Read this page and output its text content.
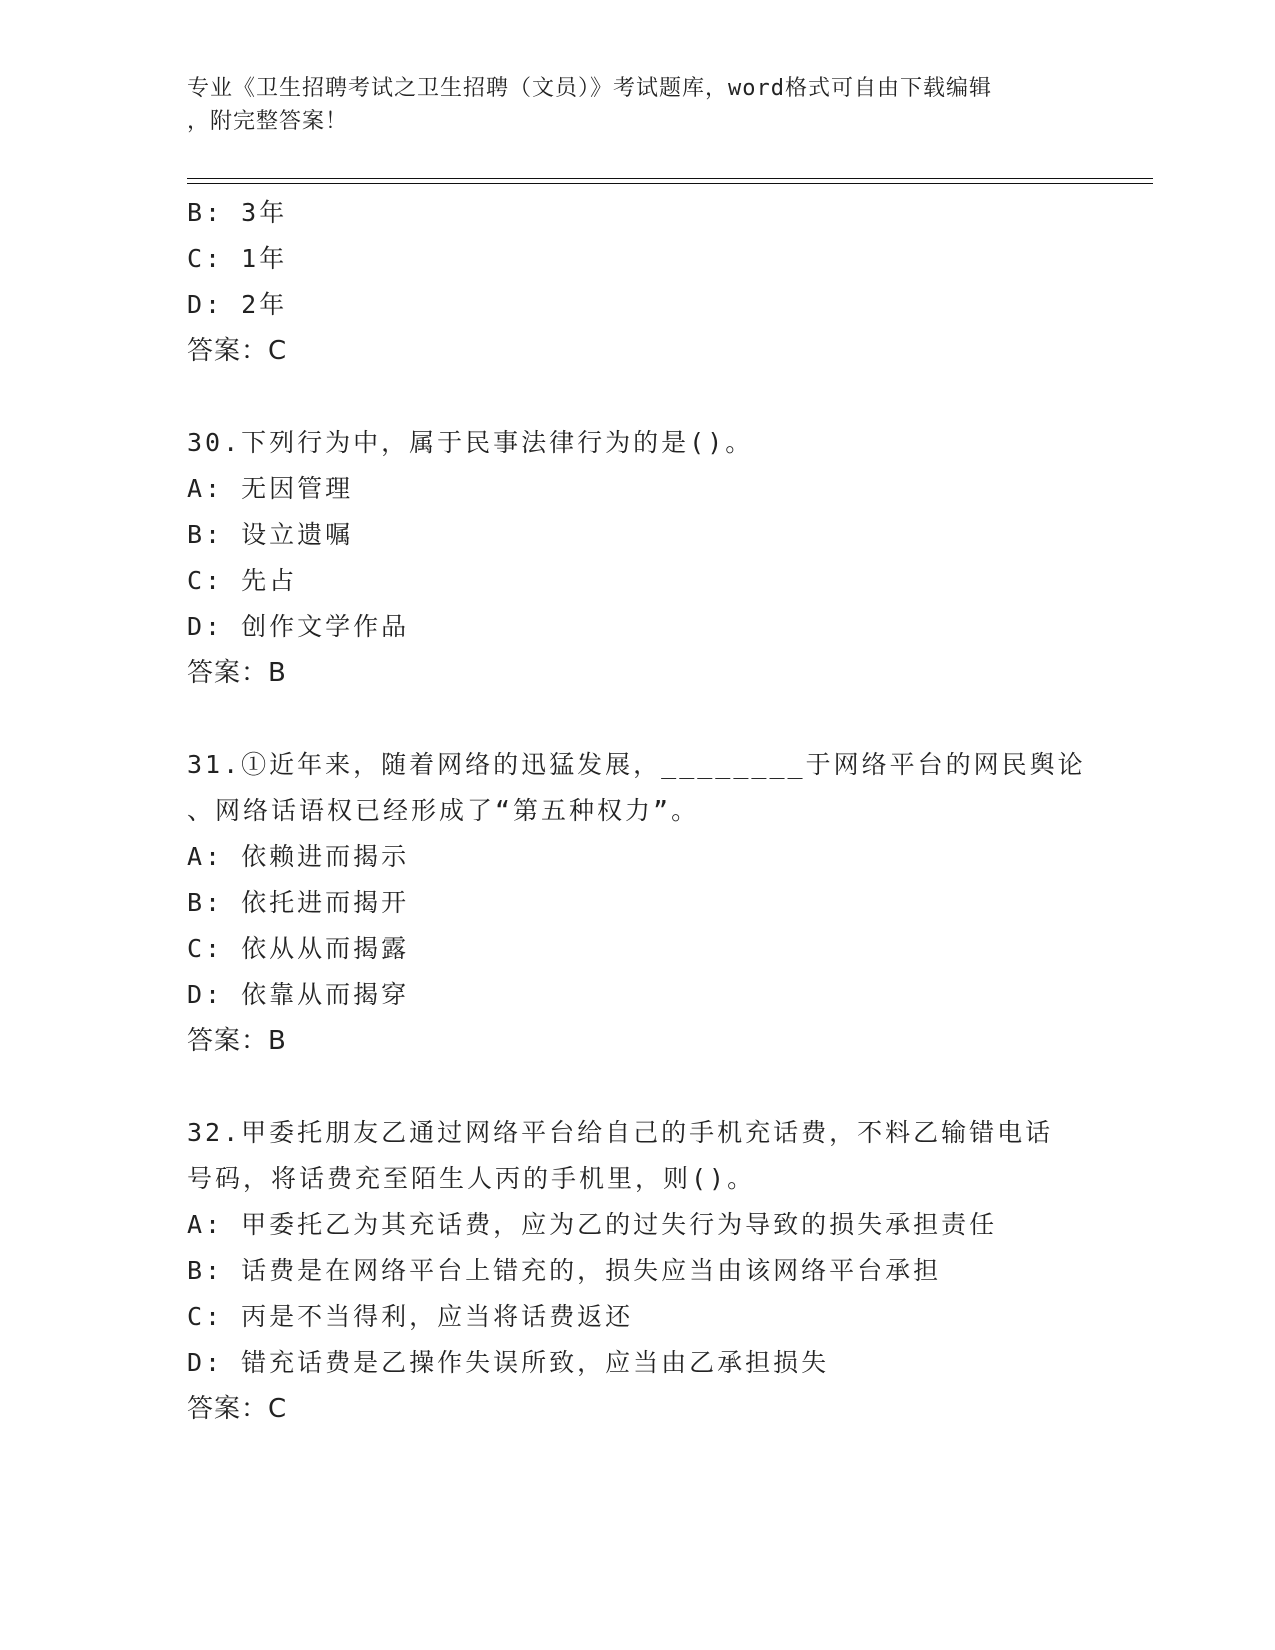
专业《卫生招聘考试之卫生招聘（文员）》考试题库，word格式可自由下载编辑
，附完整答案！
B: 3年
C: 1年
D: 2年
答案：C
30.下列行为中，属于民事法律行为的是()。
A: 无因管理
B: 设立遗嘱
C: 先占
D: 创作文学作品
答案：B
31.①近年来，随着网络的迅猛发展，________于网络平台的网民舆论
、网络话语权已经形成了“第五种权力”。
A: 依赖进而揭示
B: 依托进而揭开
C: 依从从而揭露
D: 依靠从而揭穿
答案：B
32.甲委托朋友乙通过网络平台给自己的手机充话费，不料乙输错电话
号码，将话费充至陌生人丙的手机里，则()。
A: 甲委托乙为其充话费，应为乙的过失行为导致的损失承担责任
B: 话费是在网络平台上错充的，损失应当由该网络平台承担
C: 丙是不当得利，应当将话费返还
D: 错充话费是乙操作失误所致，应当由乙承担损失
答案：C
